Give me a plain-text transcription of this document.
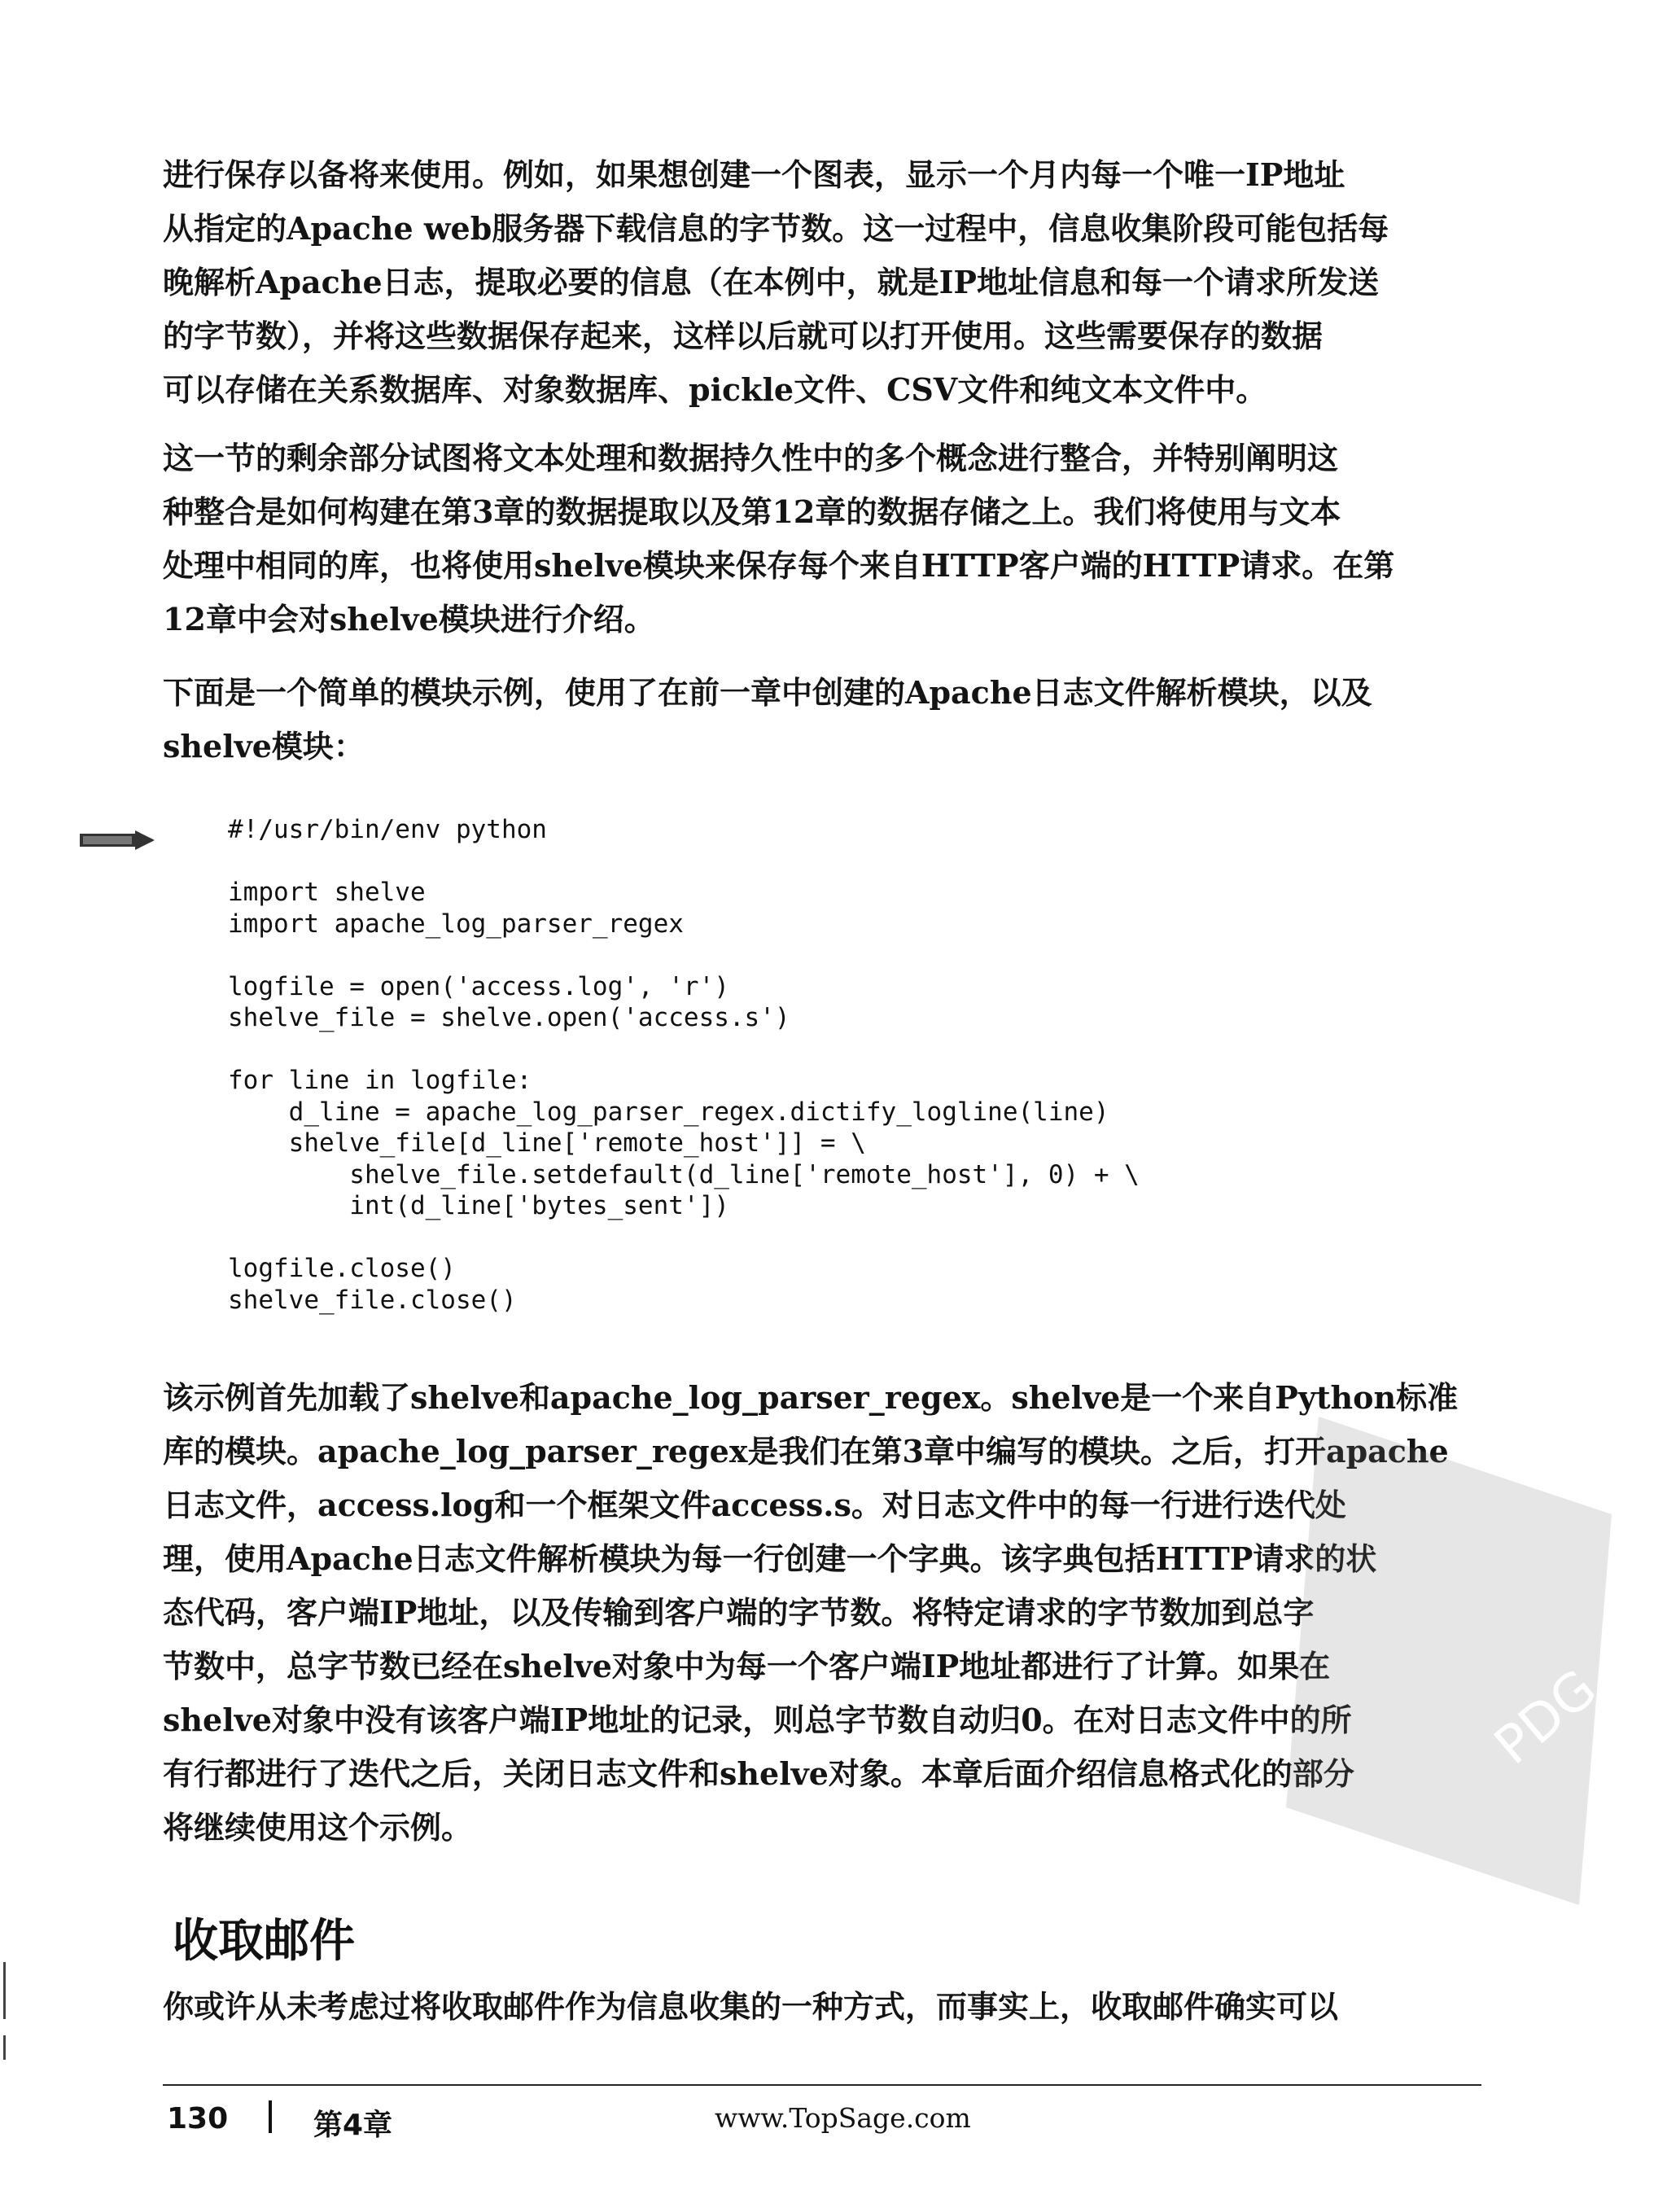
进行保存以备将来使用。例如，如果想创建一个图表，显示一个月内每一个唯一IP地址
从指定的Apache web服务器下载信息的字节数。这一过程中，信息收集阶段可能包括每
晚解析Apache日志，提取必要的信息（在本例中，就是IP地址信息和每一个请求所发送
的字节数），并将这些数据保存起来，这样以后就可以打开使用。这些需要保存的数据
可以存储在关系数据库、对象数据库、pickle文件、CSV文件和纯文本文件中。
这一节的剩余部分试图将文本处理和数据持久性中的多个概念进行整合，并特别阐明这
种整合是如何构建在第3章的数据提取以及第12章的数据存储之上。我们将使用与文本
处理中相同的库，也将使用shelve模块来保存每个来自HTTP客户端的HTTP请求。在第
12章中会对shelve模块进行介绍。
下面是一个简单的模块示例，使用了在前一章中创建的Apache日志文件解析模块，以及
shelve模块：
#!/usr/bin/env python

import shelve
import apache_log_parser_regex

logfile = open('access.log', 'r')
shelve_file = shelve.open('access.s')

for line in logfile:
d_line = apache_log_parser_regex.dictify_logline(line)
shelve_file[d_line['remote_host']] = \
shelve_file.setdefault(d_line['remote_host'], 0) + \
int(d_line['bytes_sent'])

logfile.close()
shelve_file.close()
该示例首先加载了shelve和apache_log_parser_regex。shelve是一个来自Python标准
库的模块。apache_log_parser_regex是我们在第3章中编写的模块。之后，打开apache
日志文件，access.log和一个框架文件access.s。对日志文件中的每一行进行迭代处
理，使用Apache日志文件解析模块为每一行创建一个字典。该字典包括HTTP请求的状
态代码，客户端IP地址，以及传输到客户端的字节数。将特定请求的字节数加到总字
节数中，总字节数已经在shelve对象中为每一个客户端IP地址都进行了计算。如果在
shelve对象中没有该客户端IP地址的记录，则总字节数自动归0。在对日志文件中的所
有行都进行了迭代之后，关闭日志文件和shelve对象。本章后面介绍信息格式化的部分
将继续使用这个示例。
收取邮件
你或许从未考虑过将收取邮件作为信息收集的一种方式，而事实上，收取邮件确实可以
PDG
130	第4章	www.TopSage.com
